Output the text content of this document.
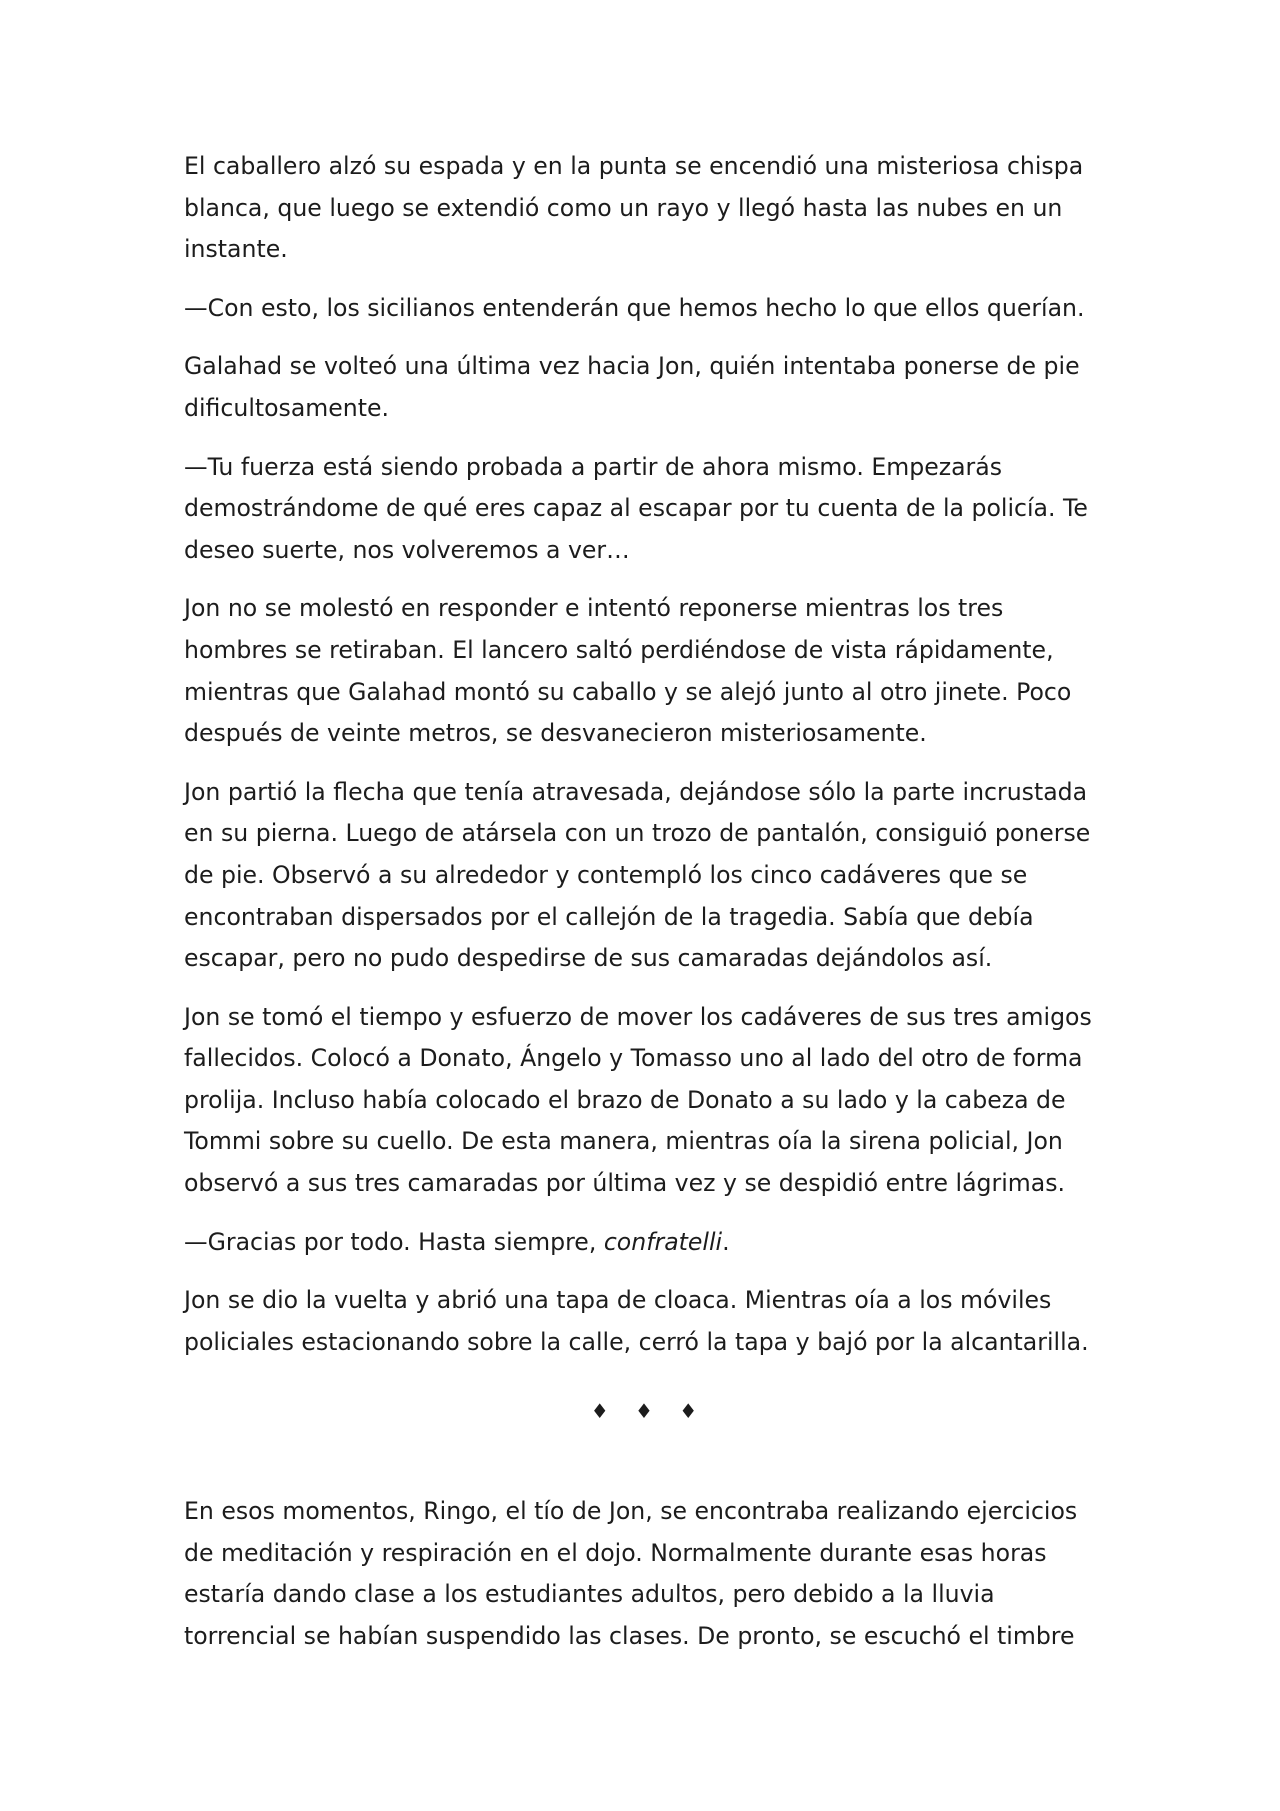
El caballero alzó su espada y en la punta se encendió una misteriosa chispa blanca, que luego se extendió como un rayo y llegó hasta las nubes en un instante.

—Con esto, los sicilianos entenderán que hemos hecho lo que ellos querían.

Galahad se volteó una última vez hacia Jon, quién intentaba ponerse de pie dificultosamente.

—Tu fuerza está siendo probada a partir de ahora mismo. Empezarás demostrándome de qué eres capaz al escapar por tu cuenta de la policía. Te deseo suerte, nos volveremos a ver…

Jon no se molestó en responder e intentó reponerse mientras los tres hombres se retiraban. El lancero saltó perdiéndose de vista rápidamente, mientras que Galahad montó su caballo y se alejó junto al otro jinete. Poco después de veinte metros, se desvanecieron misteriosamente.

Jon partió la flecha que tenía atravesada, dejándose sólo la parte incrustada en su pierna. Luego de atársela con un trozo de pantalón, consiguió ponerse de pie. Observó a su alrededor y contempló los cinco cadáveres que se encontraban dispersados por el callejón de la tragedia. Sabía que debía escapar, pero no pudo despedirse de sus camaradas dejándolos así.

Jon se tomó el tiempo y esfuerzo de mover los cadáveres de sus tres amigos fallecidos. Colocó a Donato, Ángelo y Tomasso uno al lado del otro de forma prolija. Incluso había colocado el brazo de Donato a su lado y la cabeza de Tommi sobre su cuello. De esta manera, mientras oía la sirena policial, Jon observó a sus tres camaradas por última vez y se despidió entre lágrimas.

—Gracias por todo. Hasta siempre, confratelli.

Jon se dio la vuelta y abrió una tapa de cloaca. Mientras oía a los móviles policiales estacionando sobre la calle, cerró la tapa y bajó por la alcantarilla.

♦ ♦ ♦

En esos momentos, Ringo, el tío de Jon, se encontraba realizando ejercicios de meditación y respiración en el dojo. Normalmente durante esas horas estaría dando clase a los estudiantes adultos, pero debido a la lluvia torrencial se habían suspendido las clases. De pronto, se escuchó el timbre
